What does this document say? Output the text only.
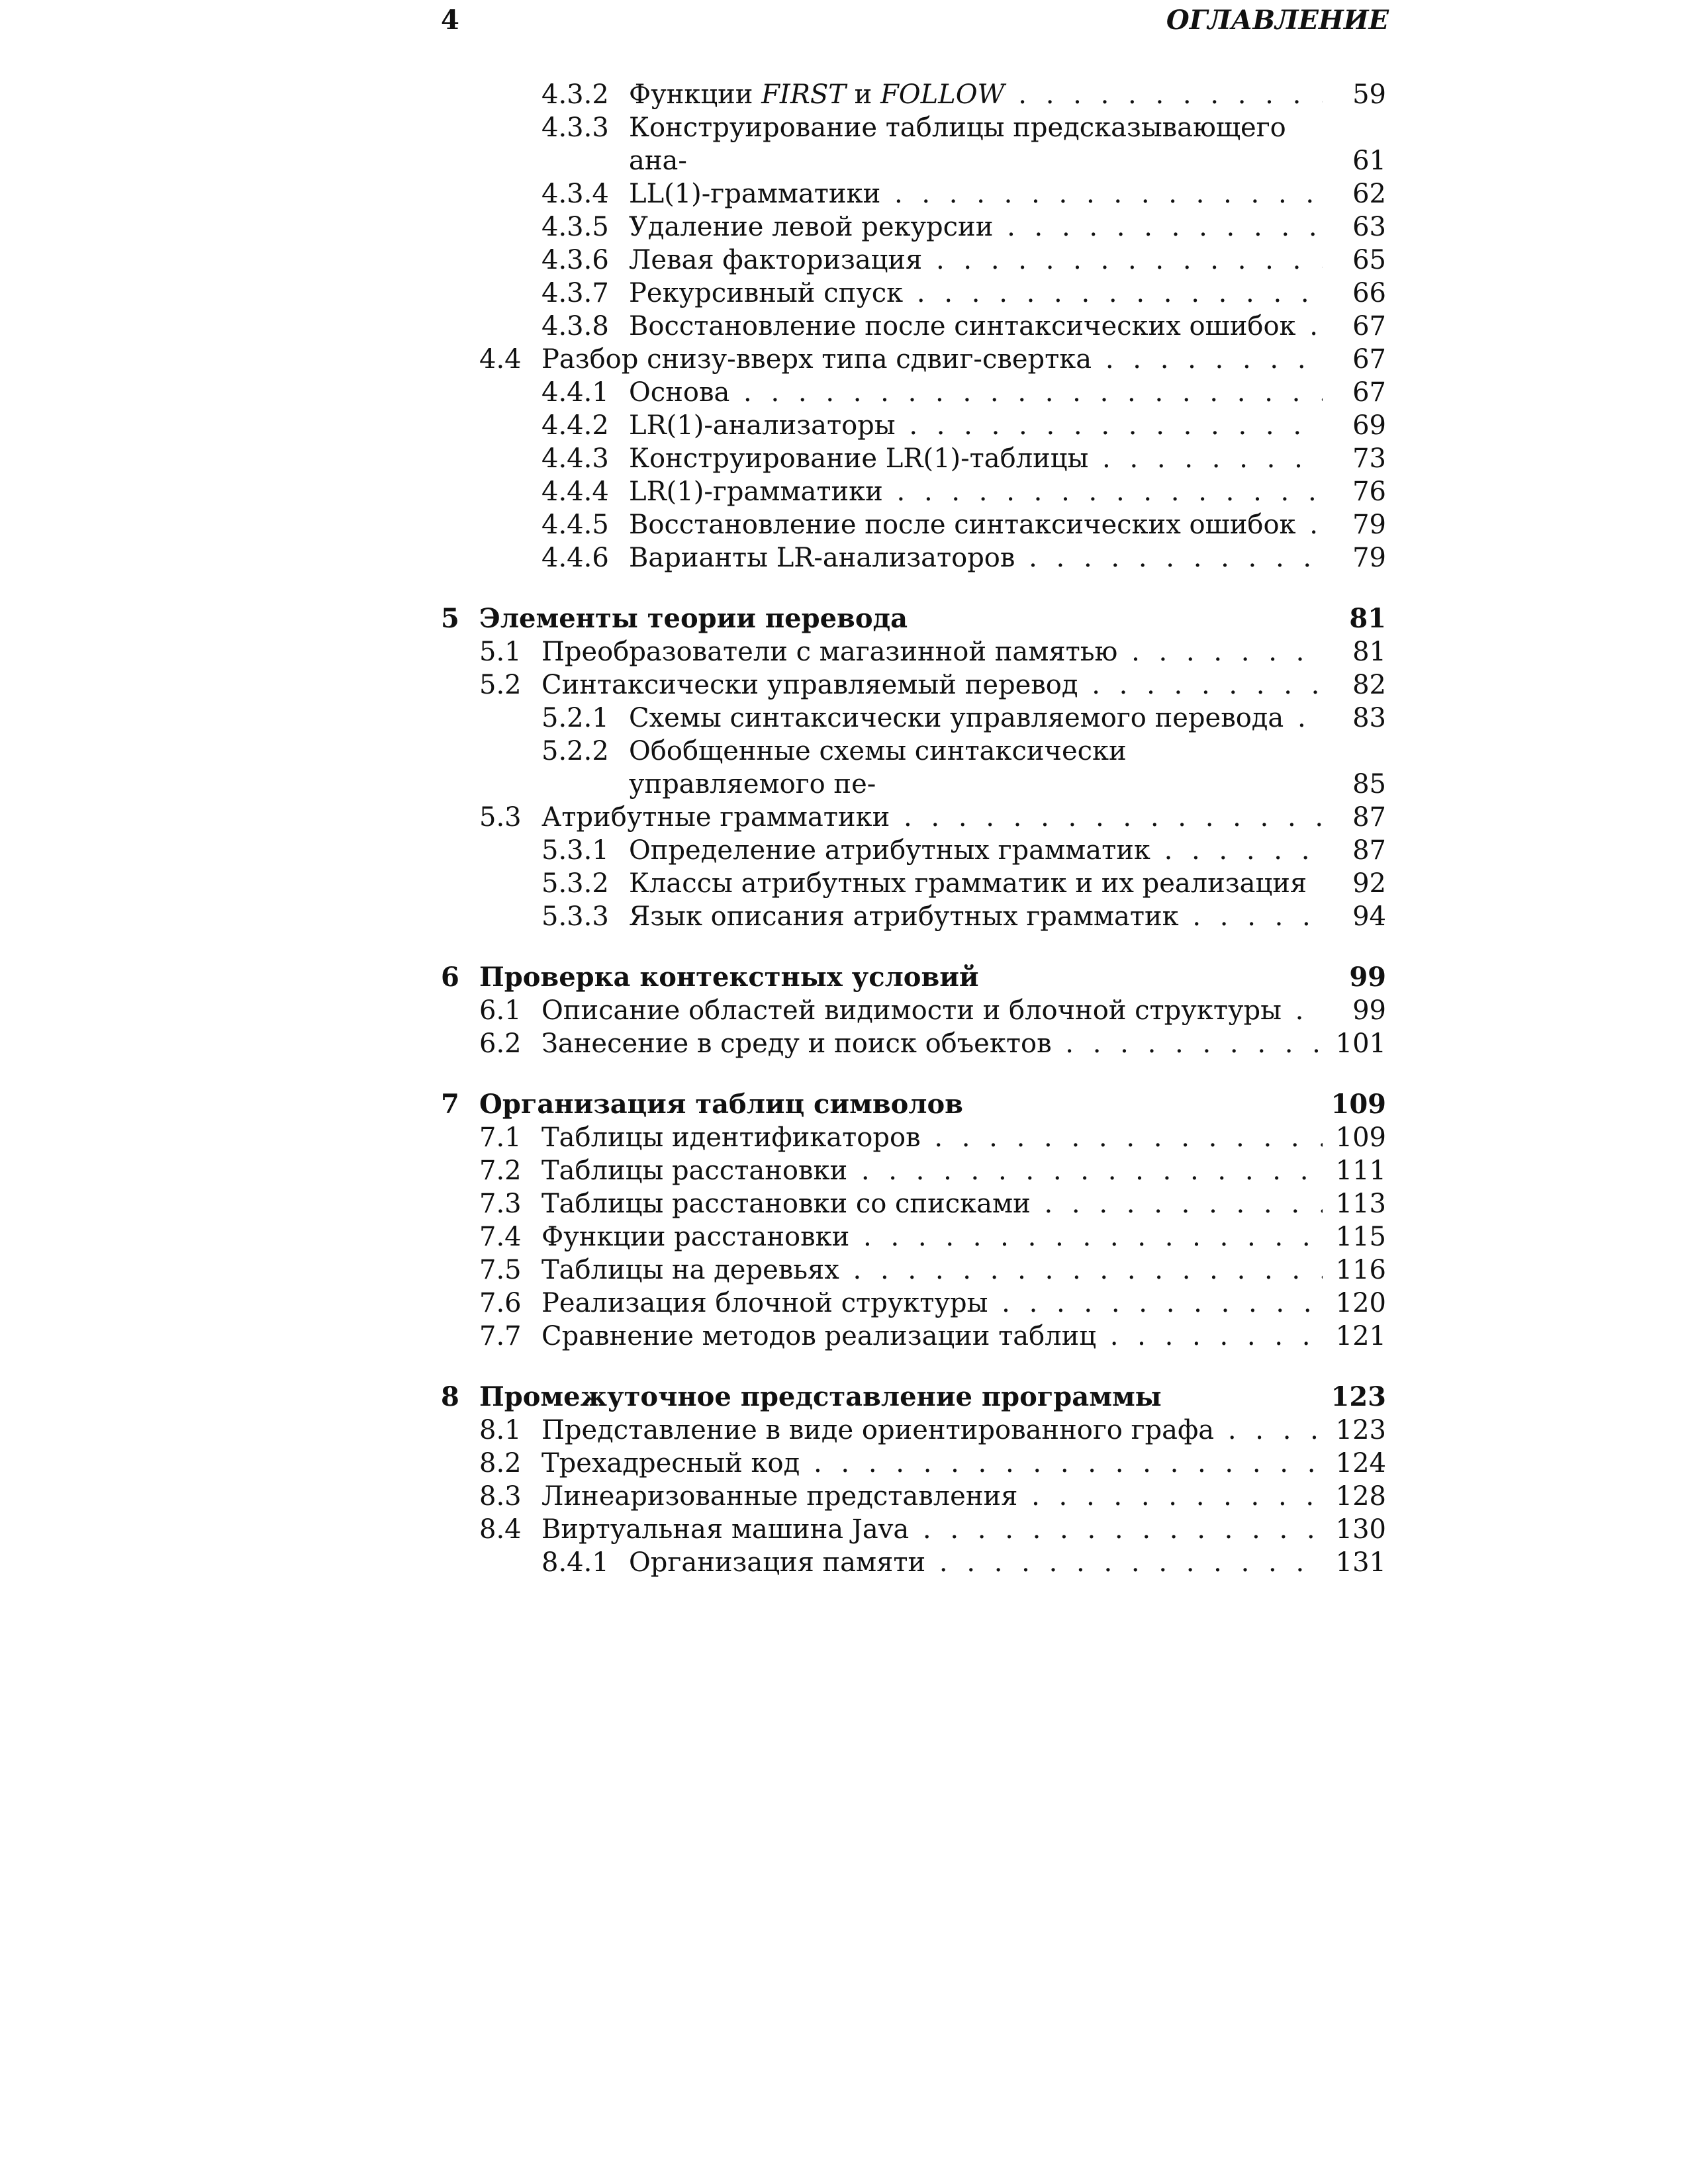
4	ОГЛАВЛЕНИЕ
4.3.2 Функции FIRST и FOLLOW . . .	59
4.3.3 Конструирование таблицы предсказывающего ана-
. . .	61
4.3.4 LL(1)-грамматики . . .	62
4.3.5 Удаление левой рекурсии . . .	63
4.3.6 Левая факторизация . . .	65
4.3.7 Рекурсивный спуск . . .	66
4.3.8 Восстановление после синтаксических ошибок . . .	67
4.4 Разбор снизу-вверх типа сдвиг-свертка . . .	67
4.4.1 Основа . . .	67
4.4.2 LR(1)-анализаторы . . .	69
4.4.3 Конструирование LR(1)-таблицы . . .	73
4.4.4 LR(1)-грамматики . . .	76
4.4.5 Восстановление после синтаксических ошибок . . .	79
4.4.6 Варианты LR-анализаторов . . .	79
5 Элементы теории перевода	81
5.1 Преобразователи с магазинной памятью . . .	81
5.2 Синтаксически управляемый перевод . . .	82
5.2.1 Схемы синтаксически управляемого перевода . . .	83
5.2.2 Обобщенные схемы синтаксически управляемого пе-
. . .	85
5.3 Атрибутные грамматики . . .	87
5.3.1 Определение атрибутных грамматик . . .	87
5.3.2 Классы атрибутных грамматик и их реализация . . .	92
5.3.3 Язык описания атрибутных грамматик . . .	94
6 Проверка контекстных условий	99
6.1 Описание областей видимости и блочной структуры . . .	99
6.2 Занесение в среду и поиск объектов . . .	101
7 Организация таблиц символов	109
7.1 Таблицы идентификаторов . . .	109
7.2 Таблицы расстановки . . .	111
7.3 Таблицы расстановки со списками . . .	113
7.4 Функции расстановки . . .	115
7.5 Таблицы на деревьях . . .	116
7.6 Реализация блочной структуры . . .	120
7.7 Сравнение методов реализации таблиц . . .	121
8 Промежуточное представление программы	123
8.1 Представление в виде ориентированного графа . . .	123
8.2 Трехадресный код . . .	124
8.3 Линеаризованные представления . . .	128
8.4 Виртуальная машина Java . . .	130
8.4.1 Организация памяти . . .	131
